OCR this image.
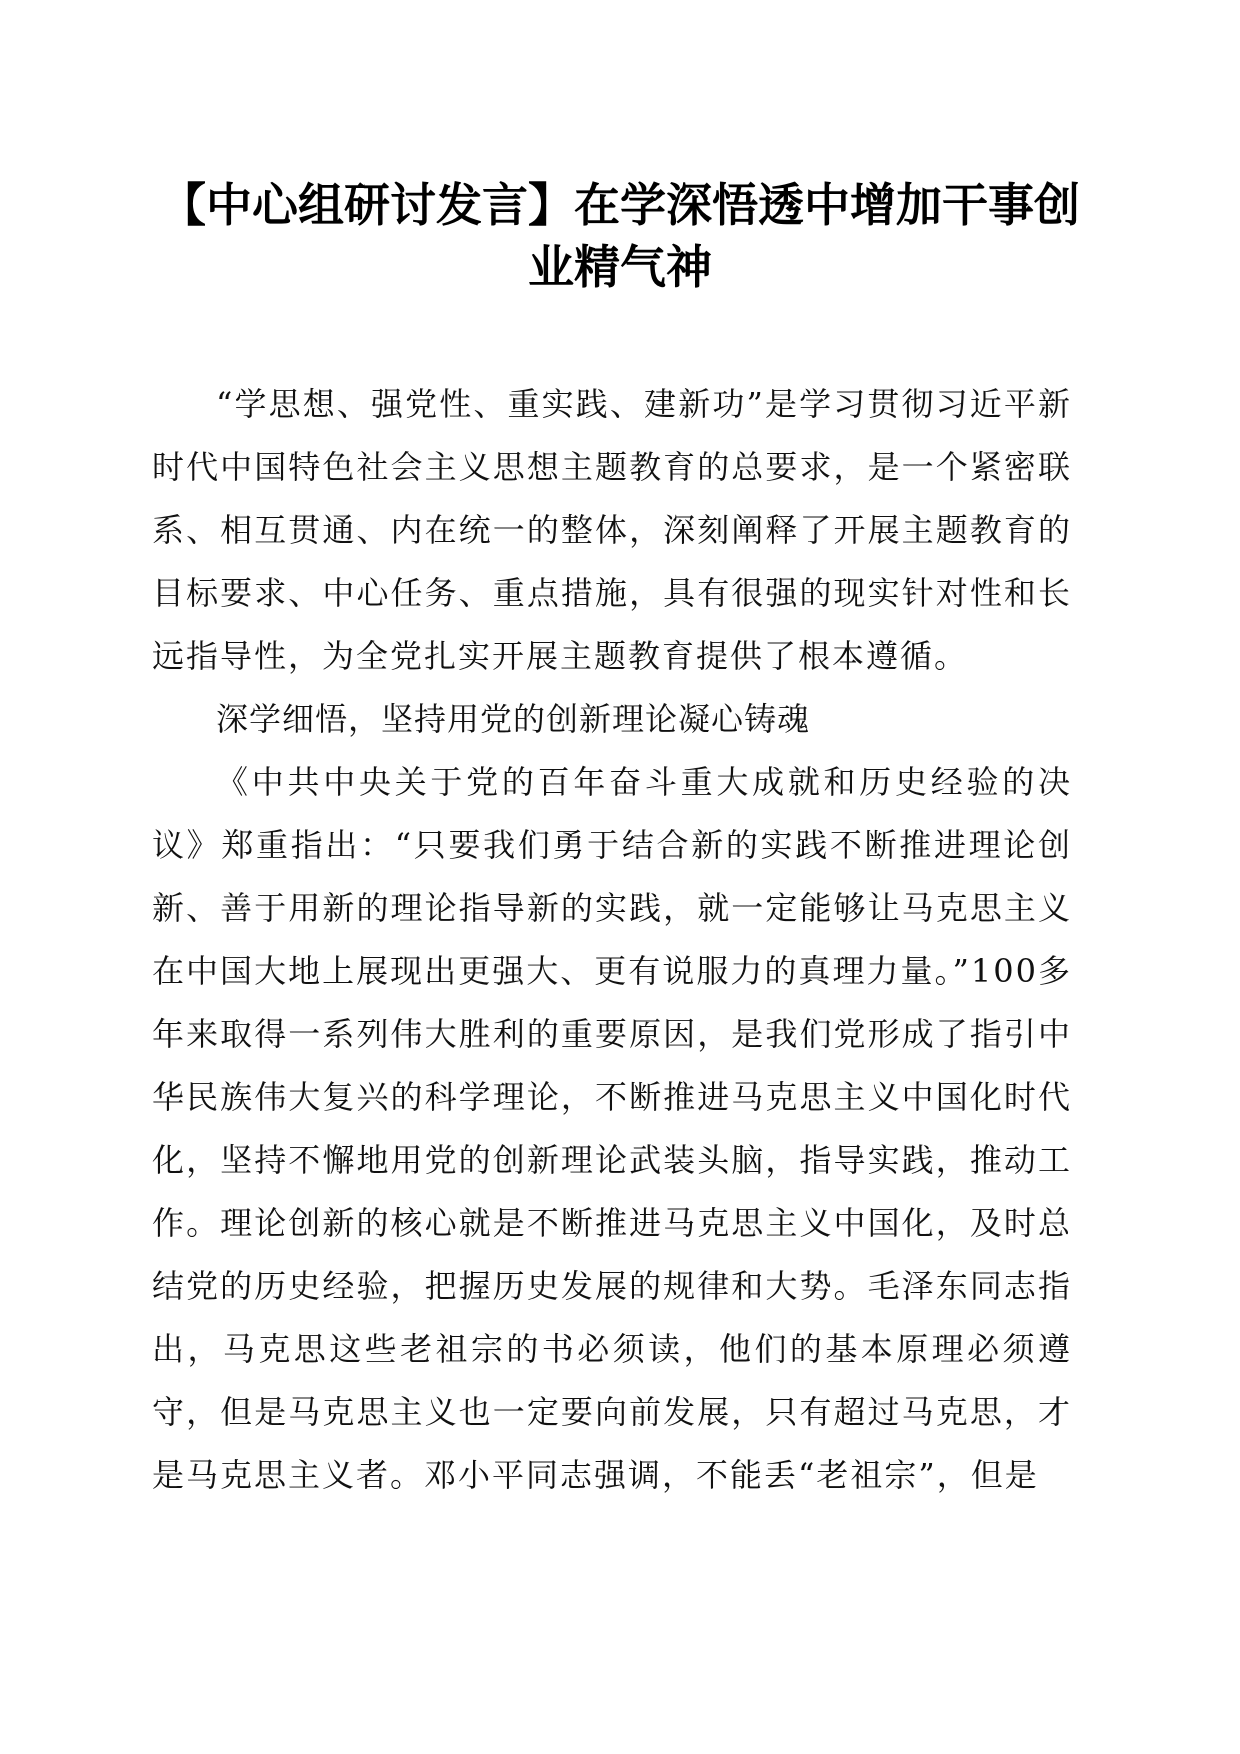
【中心组研讨发言】在学深悟透中增加干事创业精气神

“学思想、强党性、重实践、建新功”是学习贯彻习近平新时代中国特色社会主义思想主题教育的总要求，是一个紧密联系、相互贯通、内在统一的整体，深刻阐释了开展主题教育的目标要求、中心任务、重点措施，具有很强的现实针对性和长远指导性，为全党扎实开展主题教育提供了根本遵循。

深学细悟，坚持用党的创新理论凝心铸魂

《中共中央关于党的百年奋斗重大成就和历史经验的决议》郑重指出：“只要我们勇于结合新的实践不断推进理论创新、善于用新的理论指导新的实践，就一定能够让马克思主义在中国大地上展现出更强大、更有说服力的真理力量。”100多年来取得一系列伟大胜利的重要原因，是我们党形成了指引中华民族伟大复兴的科学理论，不断推进马克思主义中国化时代化，坚持不懈地用党的创新理论武装头脑，指导实践，推动工作。理论创新的核心就是不断推进马克思主义中国化，及时总结党的历史经验，把握历史发展的规律和大势。毛泽东同志指出，马克思这些老祖宗的书必须读，他们的基本原理必须遵守，但是马克思主义也一定要向前发展，只有超过马克思，才是马克思主义者。邓小平同志强调，不能丢“老祖宗”，但是
